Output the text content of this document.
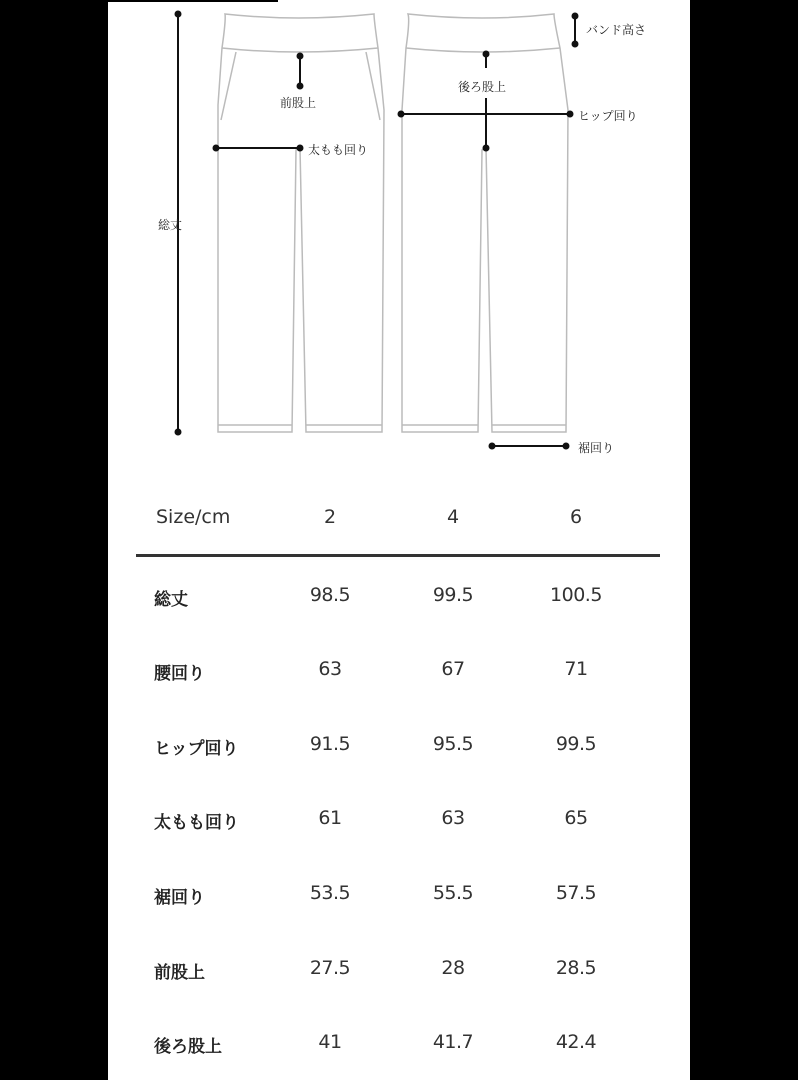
バンド高さ
後ろ股上
ヒップ回り
前股上
太もも回り
総丈
裾回り
Size/cm	2	4	6
総丈	98.5	99.5	100.5
腰回り	63	67	71
ヒップ回り	91.5	95.5	99.5
太もも回り	61	63	65
裾回り	53.5	55.5	57.5
前股上	27.5	28	28.5
後ろ股上	41	41.7	42.4
